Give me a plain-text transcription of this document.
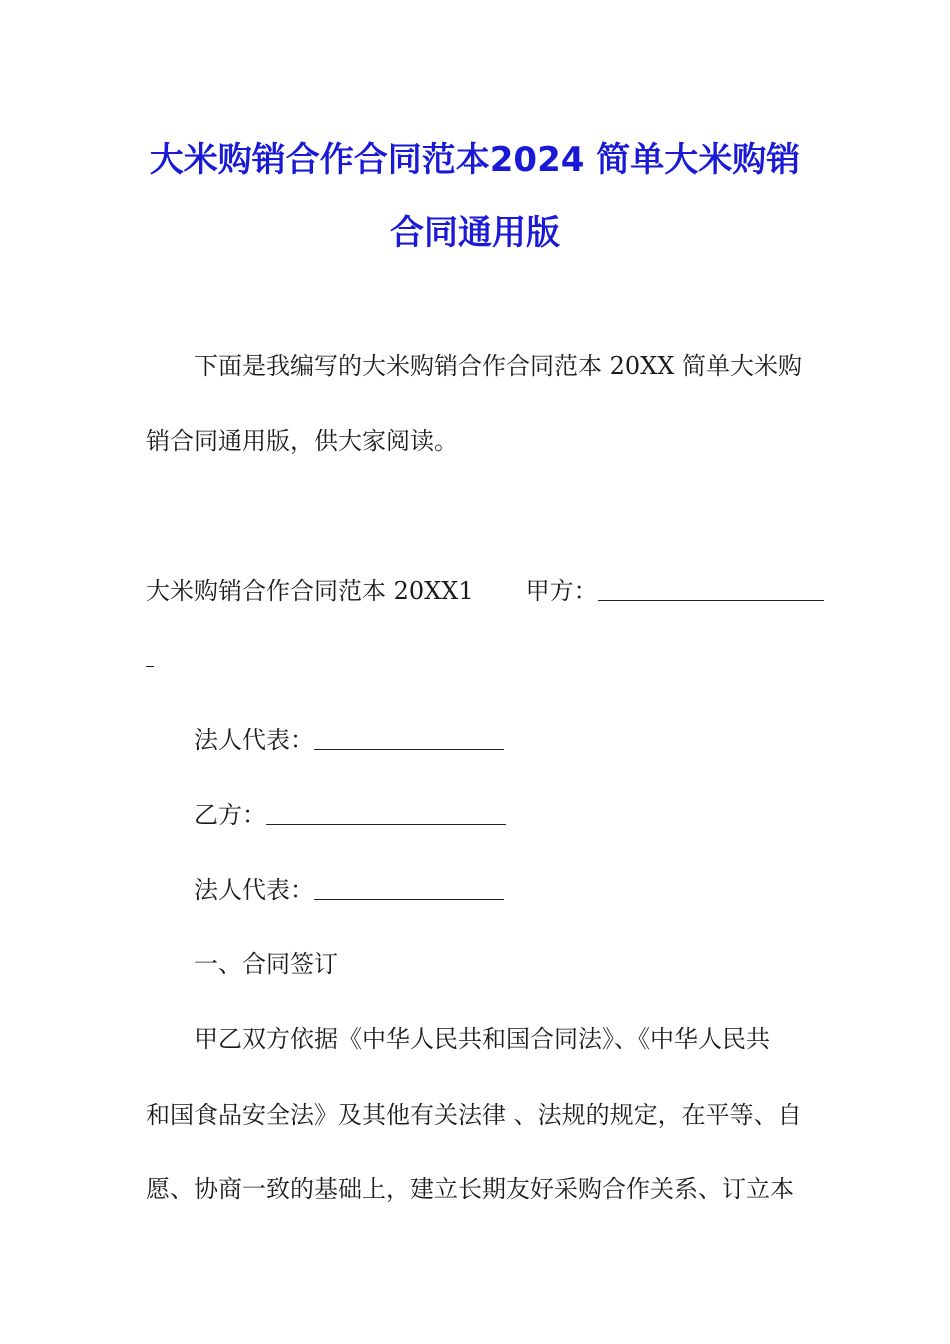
大米购销合作合同范本2024 简单大米购销
合同通用版
下面是我编写的大米购销合作合同范本 20XX 简单大米购
销合同通用版，供大家阅读。
大米购销合作合同范本 20XX1 甲方：
法人代表：
乙方：
法人代表：
一、合同签订
甲乙双方依据《中华人民共和国合同法》、《中华人民共
和国食品安全法》及其他有关法律 、法规的规定，在平等、自
愿、协商一致的基础上，建立长期友好采购合作关系、订立本
